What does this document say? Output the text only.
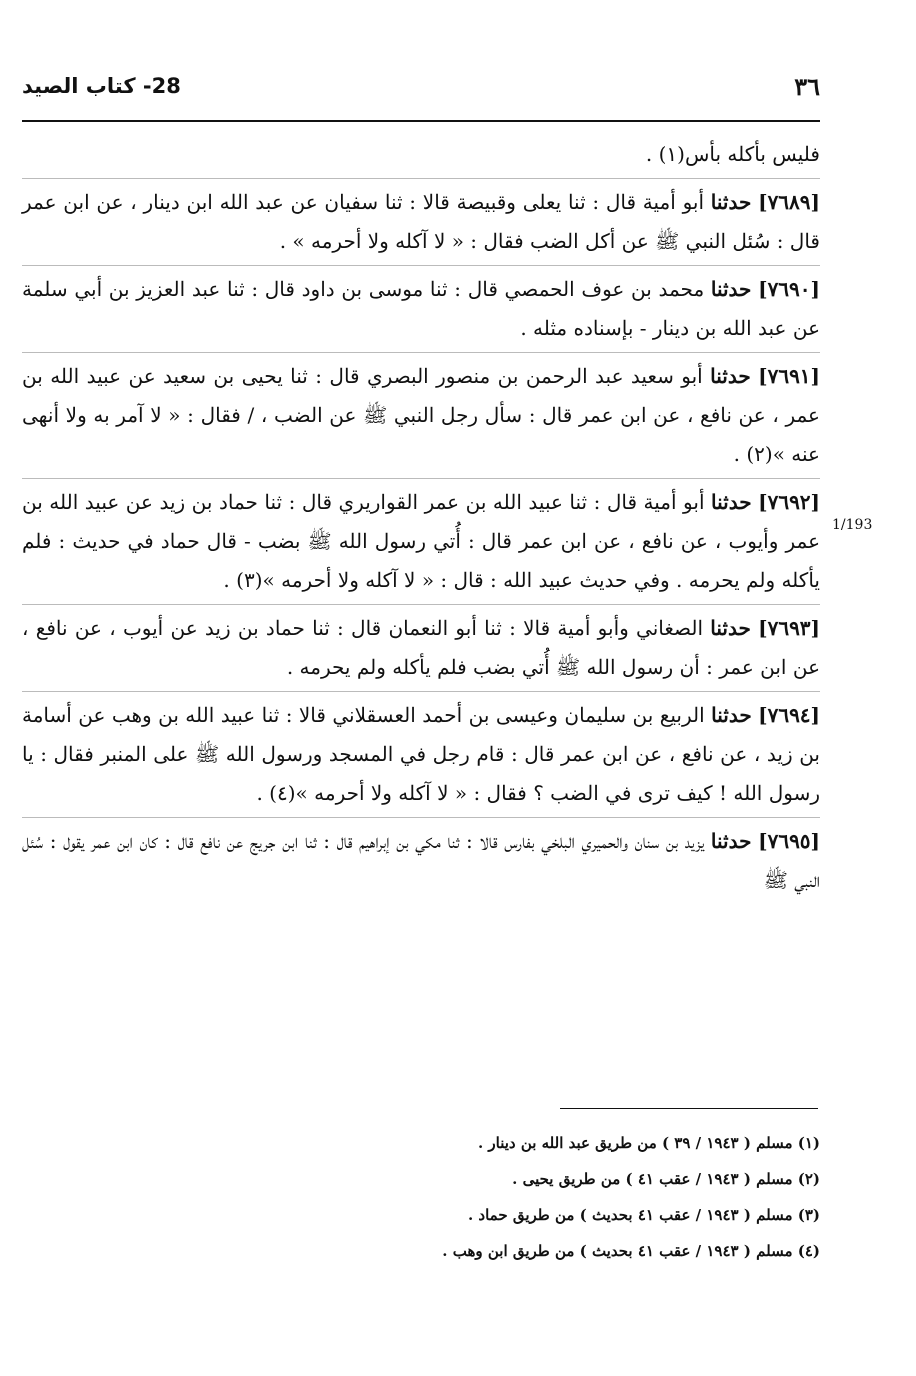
٣٦
28- كتاب الصيد

فليس بأكله بأس(١) .

[٧٦٨٩] حدثنا أبو أمية قال : ثنا يعلى وقبيصة قالا : ثنا سفيان عن عبد الله ابن دينار ، عن ابن عمر قال : سُئل النبي ﷺ عن أكل الضب فقال : « لا آكله ولا أحرمه » .

[٧٦٩٠] حدثنا محمد بن عوف الحمصي قال : ثنا موسى بن داود قال : ثنا عبد العزيز بن أبي سلمة عن عبد الله بن دينار - بإسناده مثله .

[٧٦٩١] حدثنا أبو سعيد عبد الرحمن بن منصور البصري قال : ثنا يحيى بن سعيد عن عبيد الله بن عمر ، عن نافع ، عن ابن عمر قال : سأل رجل النبي ﷺ عن الضب ، / فقال : « لا آمر به ولا أنهى عنه »(٢) .

[٧٦٩٢] حدثنا أبو أمية قال : ثنا عبيد الله بن عمر القواريري قال : ثنا حماد بن زيد عن عبيد الله بن عمر وأيوب ، عن نافع ، عن ابن عمر قال : أُتي رسول الله ﷺ بضب - قال حماد في حديث : فلم يأكله ولم يحرمه . وفي حديث عبيد الله : قال : « لا آكله ولا أحرمه »(٣) .

[٧٦٩٣] حدثنا الصغاني وأبو أمية قالا : ثنا أبو النعمان قال : ثنا حماد بن زيد عن أيوب ، عن نافع ، عن ابن عمر : أن رسول الله ﷺ أُتي بضب فلم يأكله ولم يحرمه .

[٧٦٩٤] حدثنا الربيع بن سليمان وعيسى بن أحمد العسقلاني قالا : ثنا عبيد الله بن وهب عن أسامة بن زيد ، عن نافع ، عن ابن عمر قال : قام رجل في المسجد ورسول الله ﷺ على المنبر فقال : يا رسول الله ! كيف ترى في الضب ؟ فقال : « لا آكله ولا أحرمه »(٤) .

[٧٦٩٥] حدثنا يزيد بن سنان والحميري البلخي بفارس قالا : ثنا مكي بن إبراهيم قال : ثنا ابن جريج عن نافع قال : كان ابن عمر يقول : سُئل النبي ﷺ

1/193

(١) مسلم ( ١٩٤٣ / ٣٩ ) من طريق عبد الله بن دينار .

(٢) مسلم ( ١٩٤٣ / عقب ٤١ ) من طريق يحيى .

(٣) مسلم ( ١٩٤٣ / عقب ٤١ بحديث ) من طريق حماد .

(٤) مسلم ( ١٩٤٣ / عقب ٤١ بحديث ) من طريق ابن وهب .
